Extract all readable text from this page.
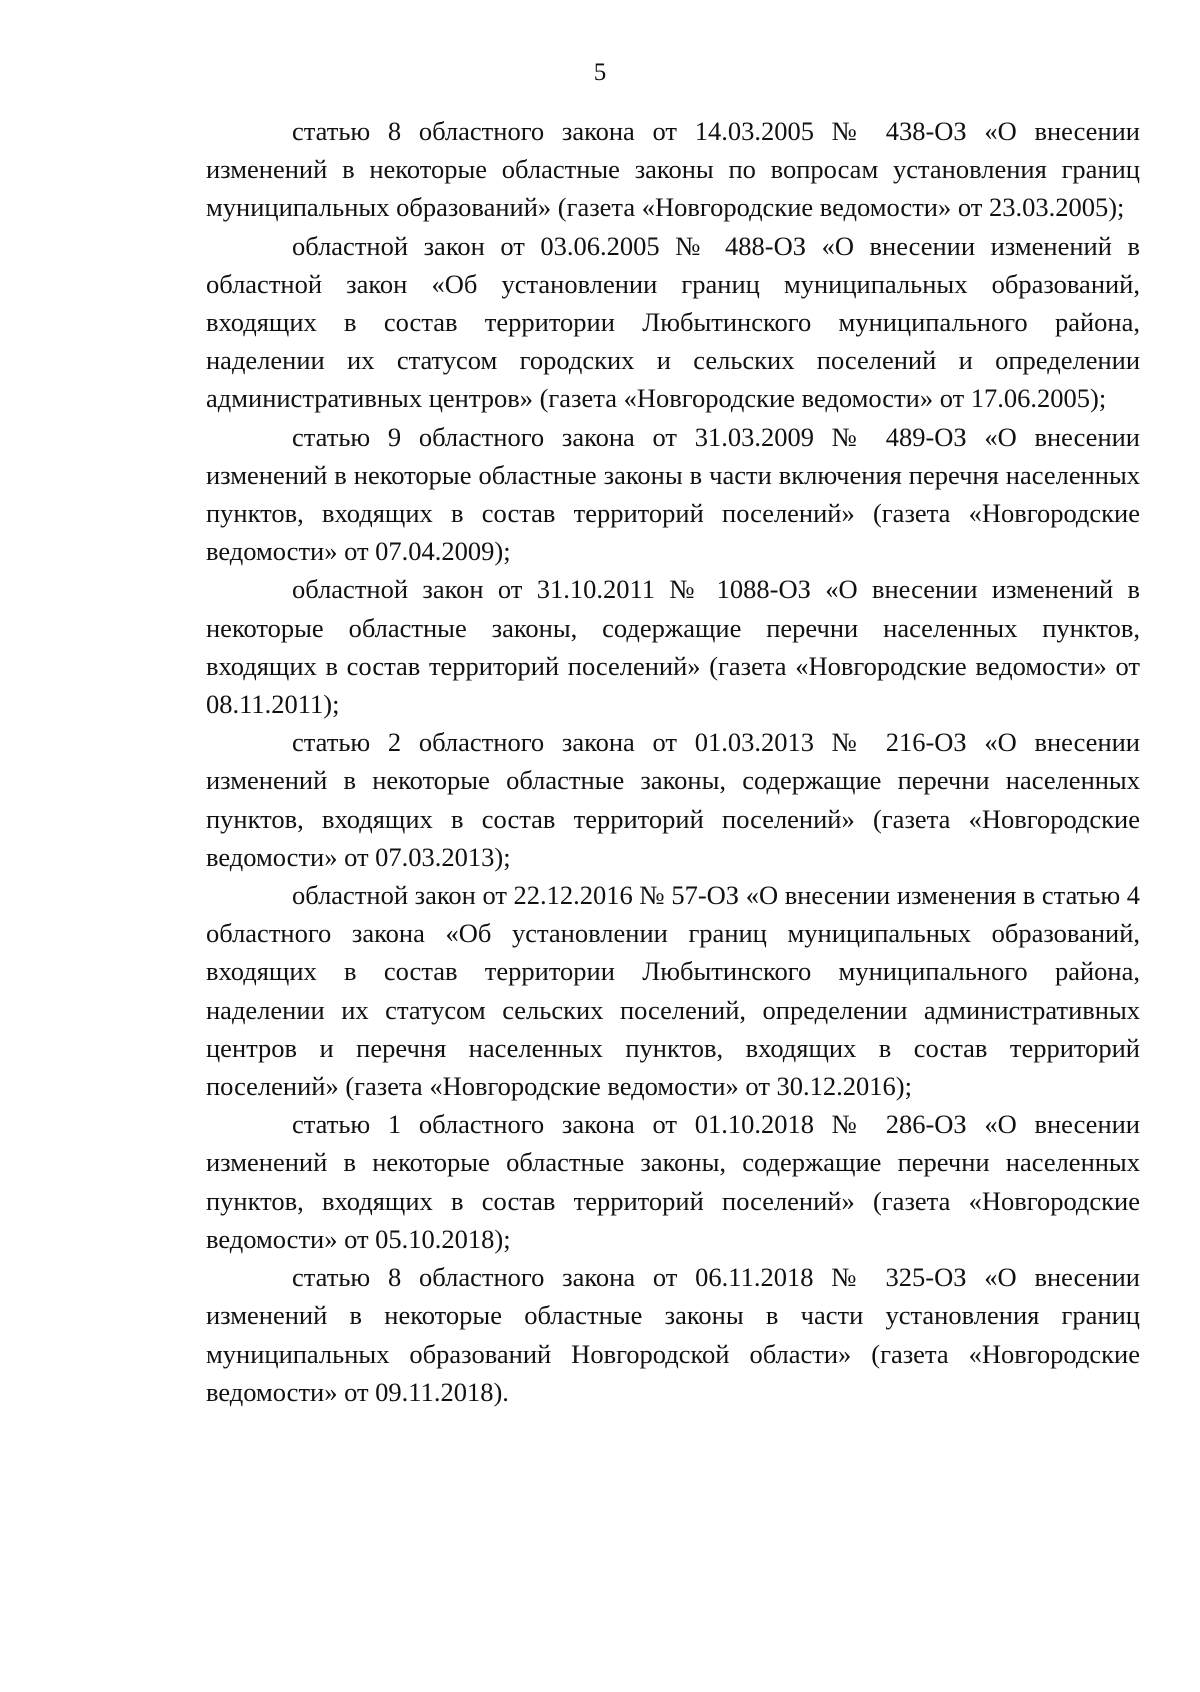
5

статью 8 областного закона от 14.03.2005 № 438-ОЗ «О внесении изменений в некоторые областные законы по вопросам установления границ муниципальных образований» (газета «Новгородские ведомости» от 23.03.2005);

областной закон от 03.06.2005 № 488-ОЗ «О внесении изменений в областной закон «Об установлении границ муниципальных образований, входящих в состав территории Любытинского муниципального района, наделении их статусом городских и сельских поселений и определении административных центров» (газета «Новгородские ведомости» от 17.06.2005);

статью 9 областного закона от 31.03.2009 № 489-ОЗ «О внесении изменений в некоторые областные законы в части включения перечня населенных пунктов, входящих в состав территорий поселений» (газета «Новгородские ведомости» от 07.04.2009);

областной закон от 31.10.2011 № 1088-ОЗ «О внесении изменений в некоторые областные законы, содержащие перечни населенных пунктов, входящих в состав территорий поселений» (газета «Новгородские ведомости» от 08.11.2011);

статью 2 областного закона от 01.03.2013 № 216-ОЗ «О внесении изменений в некоторые областные законы, содержащие перечни населенных пунктов, входящих в состав территорий поселений» (газета «Новгородские ведомости» от 07.03.2013);

областной закон от 22.12.2016 № 57-ОЗ «О внесении изменения в статью 4 областного закона «Об установлении границ муниципальных образований, входящих в состав территории Любытинского муниципального района, наделении их статусом сельских поселений, определении административных центров и перечня населенных пунктов, входящих в состав территорий поселений» (газета «Новгородские ведомости» от 30.12.2016);

статью 1 областного закона от 01.10.2018 № 286-ОЗ «О внесении изменений в некоторые областные законы, содержащие перечни населенных пунктов, входящих в состав территорий поселений» (газета «Новгородские ведомости» от 05.10.2018);

статью 8 областного закона от 06.11.2018 № 325-ОЗ «О внесении изменений в некоторые областные законы в части установления границ муниципальных образований Новгородской области» (газета «Новгородские ведомости» от 09.11.2018).
